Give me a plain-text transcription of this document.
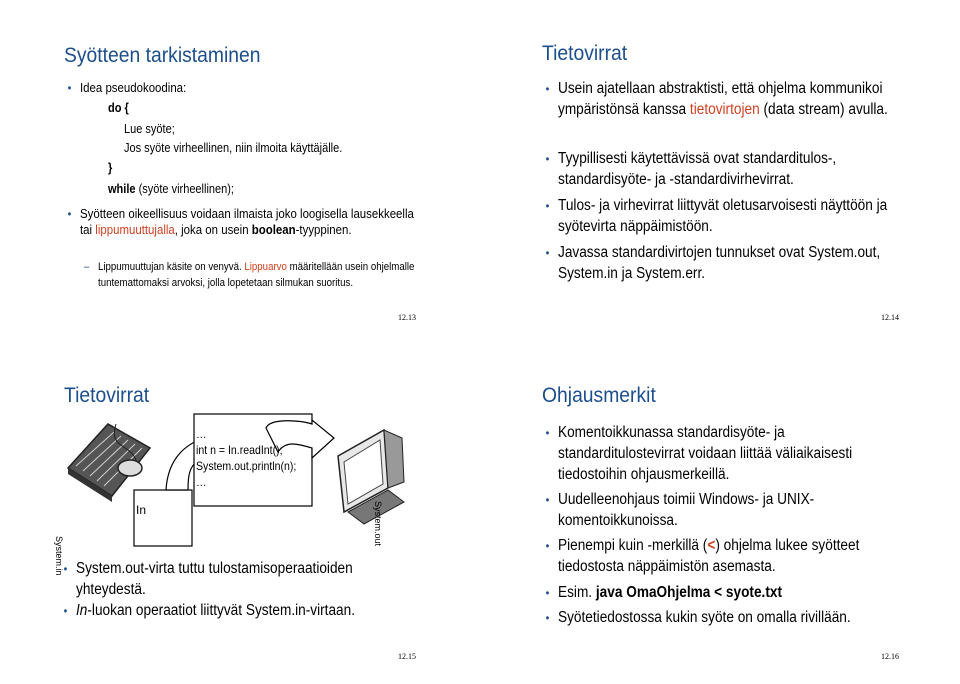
Syötteen tarkistaminen
• Idea pseudokoodina:
do {
Lue syöte;
Jos syöte virheellinen, niin ilmoita käyttäjälle.
}
while (syöte virheellinen);
• Syötteen oikeellisuus voidaan ilmaista joko loogisella lausekkeella tai lippumuuttujalla, joka on usein boolean-tyyppinen.
– Lippumuuttujan käsite on venyvä. Lippuarvo määritellään usein ohjelmalle tuntemattomaksi arvoksi, jolla lopetetaan silmukan suoritus.
12.13
Tietovirrat
• Usein ajatellaan abstraktisti, että ohjelma kommunikoi ympäristönsä kanssa tietovirtojen (data stream) avulla.
• Tyypillisesti käytettävissä ovat standarditulos-, standardisyöte- ja -standardivirhevirrat.
• Tulos- ja virhevirrat liittyvät oletusarvoisesti näyttöön ja syötevirta näppäimistöön.
• Javassa standardivirtojen tunnukset ovat System.out, System.in ja System.err.
12.14
Tietovirrat
…
int n = In.readInt();
System.out.println(n);
…
In
System.in
System.out
• System.out-virta tuttu tulostamisoperaatioiden yhteydestä.
• In-luokan operaatiot liittyvät System.in-virtaan.
12.15
Ohjausmerkit
• Komentoikkunassa standardisyöte- ja standarditulostevirrat voidaan liittää väliaikaisesti tiedostoihin ohjausmerkeillä.
• Uudelleenohjaus toimii Windows- ja UNIX-komentoikkunoissa.
• Pienempi kuin -merkillä (<) ohjelma lukee syötteet tiedostosta näppäimistön asemasta.
• Esim. java OmaOhjelma < syote.txt
• Syötetiedostossa kukin syöte on omalla rivillään.
12.16
